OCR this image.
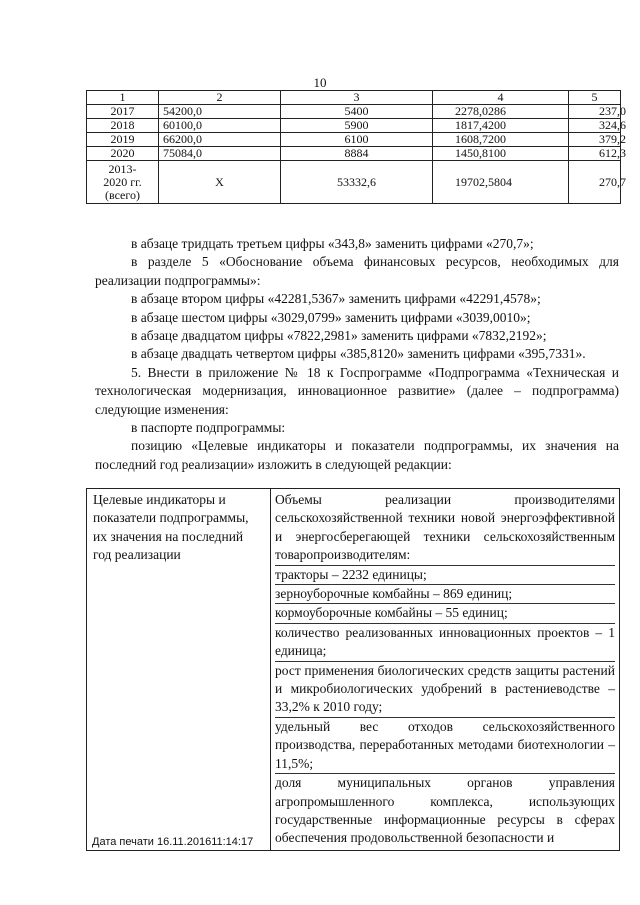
10
1	2	3	4	5
2017	54200,0	5400	2278,0286	237,0
2018	60100,0	5900	1817,4200	324,6
2019	66200,0	6100	1608,7200	379,2
2020	75084,0	8884	1450,8100	612,3

2013-
2020 гг.
(всего)	Х	53332,6	19702,5804	270,7

в абзаце тридцать третьем цифры «343,8» заменить цифрами «270,7»;

в разделе 5 «Обоснование объема финансовых ресурсов, необходимых для реализации подпрограммы»:

в абзаце втором цифры «42281,5367» заменить цифрами «42291,4578»;

в абзаце шестом цифры «3029,0799» заменить цифрами «3039,0010»;

в абзаце двадцатом цифры «7822,2981» заменить цифрами «7832,2192»;

в абзаце двадцать четвертом цифры «385,8120» заменить цифрами «395,7331».

5. Внести в приложение № 18 к Госпрограмме «Подпрограмма «Техническая и технологическая модернизация, инновационное развитие» (далее – подпрограмма) следующие изменения:

в паспорте подпрограммы:

позицию «Целевые индикаторы и показатели подпрограммы, их значения на последний год реализации» изложить в следующей редакции:

Целевые индикаторы и показатели подпрограммы, их значения на последний год реализации	
Объемы реализации производителями сельскохозяйственной техники новой энергоэффективной и энергосберегающей техники сельскохозяйственным товаропроизводителям:
тракторы – 2232 единицы;
зерноуборочные комбайны – 869 единиц;
кормоуборочные комбайны – 55 единиц;
количество реализованных инновационных проектов – 1 единица;
рост применения биологических средств защиты растений и микробиологических удобрений в растениеводстве – 33,2% к 2010 году;
удельный вес отходов сельскохозяйственного производства, переработанных методами биотехнологии – 11,5%;
доля муниципальных органов управления агропромышленного комплекса, использующих государственные информационные ресурсы в сферах обеспечения продовольственной безопасности и
Дата печати 16.11.201611:14:17
